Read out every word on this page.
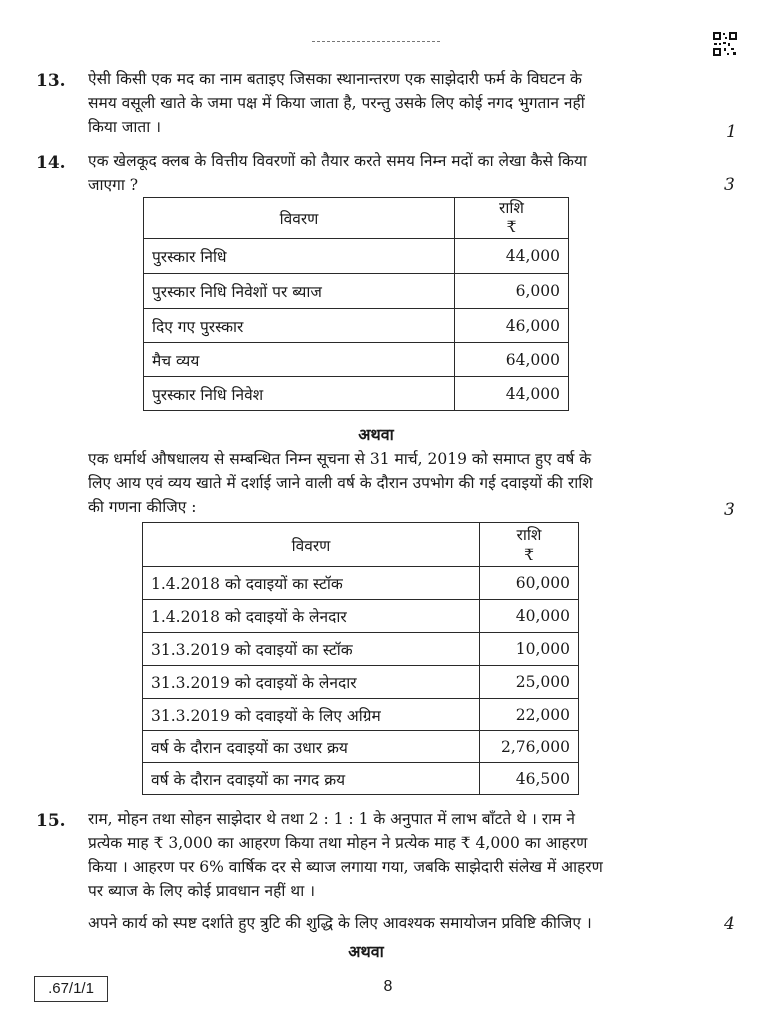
13. ऐसी किसी एक मद का नाम बताइए जिसका स्थानान्तरण एक साझेदारी फर्म के विघटन के
समय वसूली खाते के जमा पक्ष में किया जाता है, परन्तु उसके लिए कोई नगद भुगतान नहीं
किया जाता ।	1
14. एक खेलकूद क्लब के वित्तीय विवरणों को तैयार करते समय निम्न मदों का लेखा कैसे किया
जाएगा ?	3
विवरण	राशि
₹

पुरस्कार निधि	44,000
पुरस्कार निधि निवेशों पर ब्याज	6,000
दिए गए पुरस्कार	46,000
मैच व्यय	64,000
पुरस्कार निधि निवेश	44,000
अथवा
एक धर्मार्थ औषधालय से सम्बन्धित निम्न सूचना से 31 मार्च, 2019 को समाप्त हुए वर्ष के
लिए आय एवं व्यय खाते में दर्शाई जाने वाली वर्ष के दौरान उपभोग की गई दवाइयों की राशि
की गणना कीजिए :	3
विवरण	राशि
₹

1.4.2018 को दवाइयों का स्टॉक	60,000
1.4.2018 को दवाइयों के लेनदार	40,000
31.3.2019 को दवाइयों का स्टॉक	10,000
31.3.2019 को दवाइयों के लेनदार	25,000
31.3.2019 को दवाइयों के लिए अग्रिम	22,000
वर्ष के दौरान दवाइयों का उधार क्रय	2,76,000
वर्ष के दौरान दवाइयों का नगद क्रय	46,500
15. राम, मोहन तथा सोहन साझेदार थे तथा 2 : 1 : 1 के अनुपात में लाभ बाँटते थे । राम ने
प्रत्येक माह ₹ 3,000 का आहरण किया तथा मोहन ने प्रत्येक माह ₹ 4,000 का आहरण
किया । आहरण पर 6% वार्षिक दर से ब्याज लगाया गया, जबकि साझेदारी संलेख में आहरण
पर ब्याज के लिए कोई प्रावधान नहीं था ।
अपने कार्य को स्पष्ट दर्शाते हुए त्रुटि की शुद्धि के लिए आवश्यक समायोजन प्रविष्टि कीजिए ।	4
अथवा
.67/1/1	8
